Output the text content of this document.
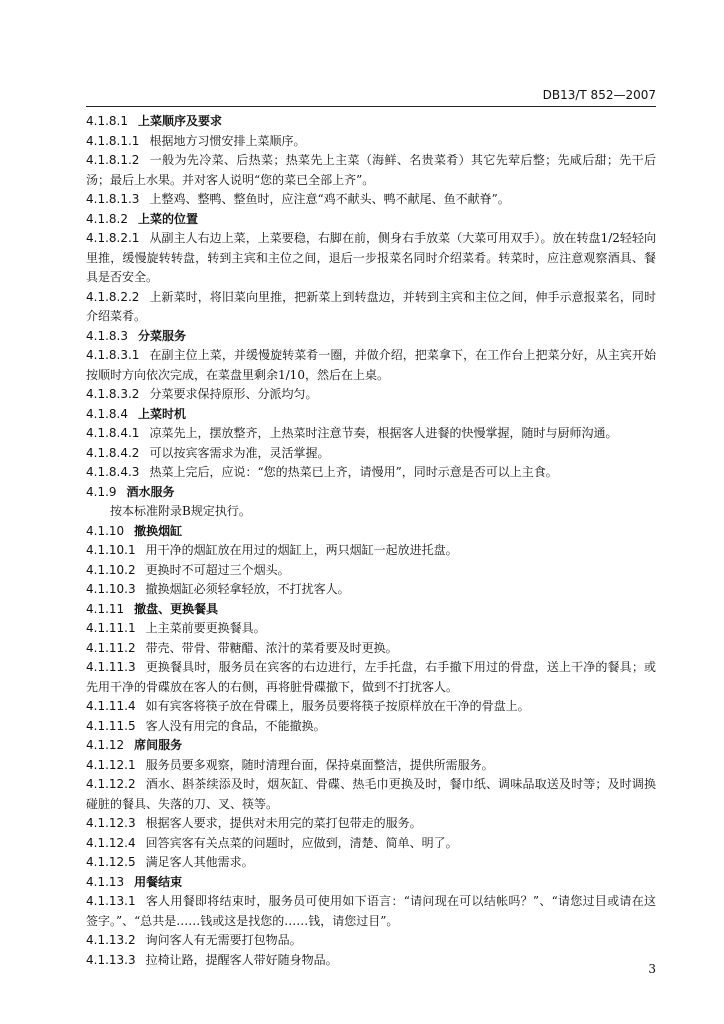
DB13/T 852—2007

4.1.8.1 上菜顺序及要求

4.1.8.1.1 根据地方习惯安排上菜顺序。

4.1.8.1.2 一般为先冷菜、后热菜；热菜先上主菜（海鲜、名贵菜肴）其它先荤后整；先咸后甜；先干后汤；最后上水果。并对客人说明“您的菜已全部上齐”。

4.1.8.1.3 上整鸡、整鸭、整鱼时，应注意“鸡不献头、鸭不献尾、鱼不献脊”。

4.1.8.2 上菜的位置

4.1.8.2.1 从副主人右边上菜，上菜要稳，右脚在前，侧身右手放菜（大菜可用双手）。放在转盘1/2轻轻向里推，缓慢旋转转盘，转到主宾和主位之间，退后一步报菜名同时介绍菜肴。转菜时，应注意观察酒具、餐具是否安全。

4.1.8.2.2 上新菜时，将旧菜向里推，把新菜上到转盘边，并转到主宾和主位之间，伸手示意报菜名，同时介绍菜肴。

4.1.8.3 分菜服务

4.1.8.3.1 在副主位上菜，并缓慢旋转菜肴一圈，并做介绍，把菜拿下，在工作台上把菜分好，从主宾开始按顺时方向依次完成，在菜盘里剩余1/10，然后在上桌。

4.1.8.3.2 分菜要求保持原形、分派均匀。

4.1.8.4 上菜时机

4.1.8.4.1 凉菜先上，摆放整齐，上热菜时注意节奏，根据客人进餐的快慢掌握，随时与厨师沟通。

4.1.8.4.2 可以按宾客需求为准，灵活掌握。

4.1.8.4.3 热菜上完后，应说：“您的热菜已上齐，请慢用”，同时示意是否可以上主食。

4.1.9 酒水服务

按本标准附录B规定执行。

4.1.10 撤换烟缸

4.1.10.1 用干净的烟缸放在用过的烟缸上，两只烟缸一起放进托盘。

4.1.10.2 更换时不可超过三个烟头。

4.1.10.3 撤换烟缸必须轻拿轻放，不打扰客人。

4.1.11 撤盘、更换餐具

4.1.11.1 上主菜前要更换餐具。

4.1.11.2 带壳、带骨、带糖醋、浓汁的菜肴要及时更换。

4.1.11.3 更换餐具时，服务员在宾客的右边进行，左手托盘，右手撤下用过的骨盘，送上干净的餐具；或先用干净的骨碟放在客人的右侧，再将脏骨碟撤下，做到不打扰客人。

4.1.11.4 如有宾客将筷子放在骨碟上，服务员要将筷子按原样放在干净的骨盘上。

4.1.11.5 客人没有用完的食品，不能撤换。

4.1.12 席间服务

4.1.12.1 服务员要多观察，随时清理台面，保持桌面整洁，提供所需服务。

4.1.12.2 酒水、斟茶续添及时，烟灰缸、骨碟、热毛巾更换及时，餐巾纸、调味品取送及时等；及时调换碰脏的餐具、失落的刀、叉、筷等。

4.1.12.3 根据客人要求，提供对未用完的菜打包带走的服务。

4.1.12.4 回答宾客有关点菜的问题时，应做到，清楚、简单、明了。

4.1.12.5 满足客人其他需求。

4.1.13 用餐结束

4.1.13.1 客人用餐即将结束时，服务员可使用如下语言：“请问现在可以结帐吗？”、“请您过目或请在这签字。”、“总共是……钱或这是找您的……钱，请您过目”。

4.1.13.2 询问客人有无需要打包物品。

4.1.13.3 拉椅让路，提醒客人带好随身物品。

3
